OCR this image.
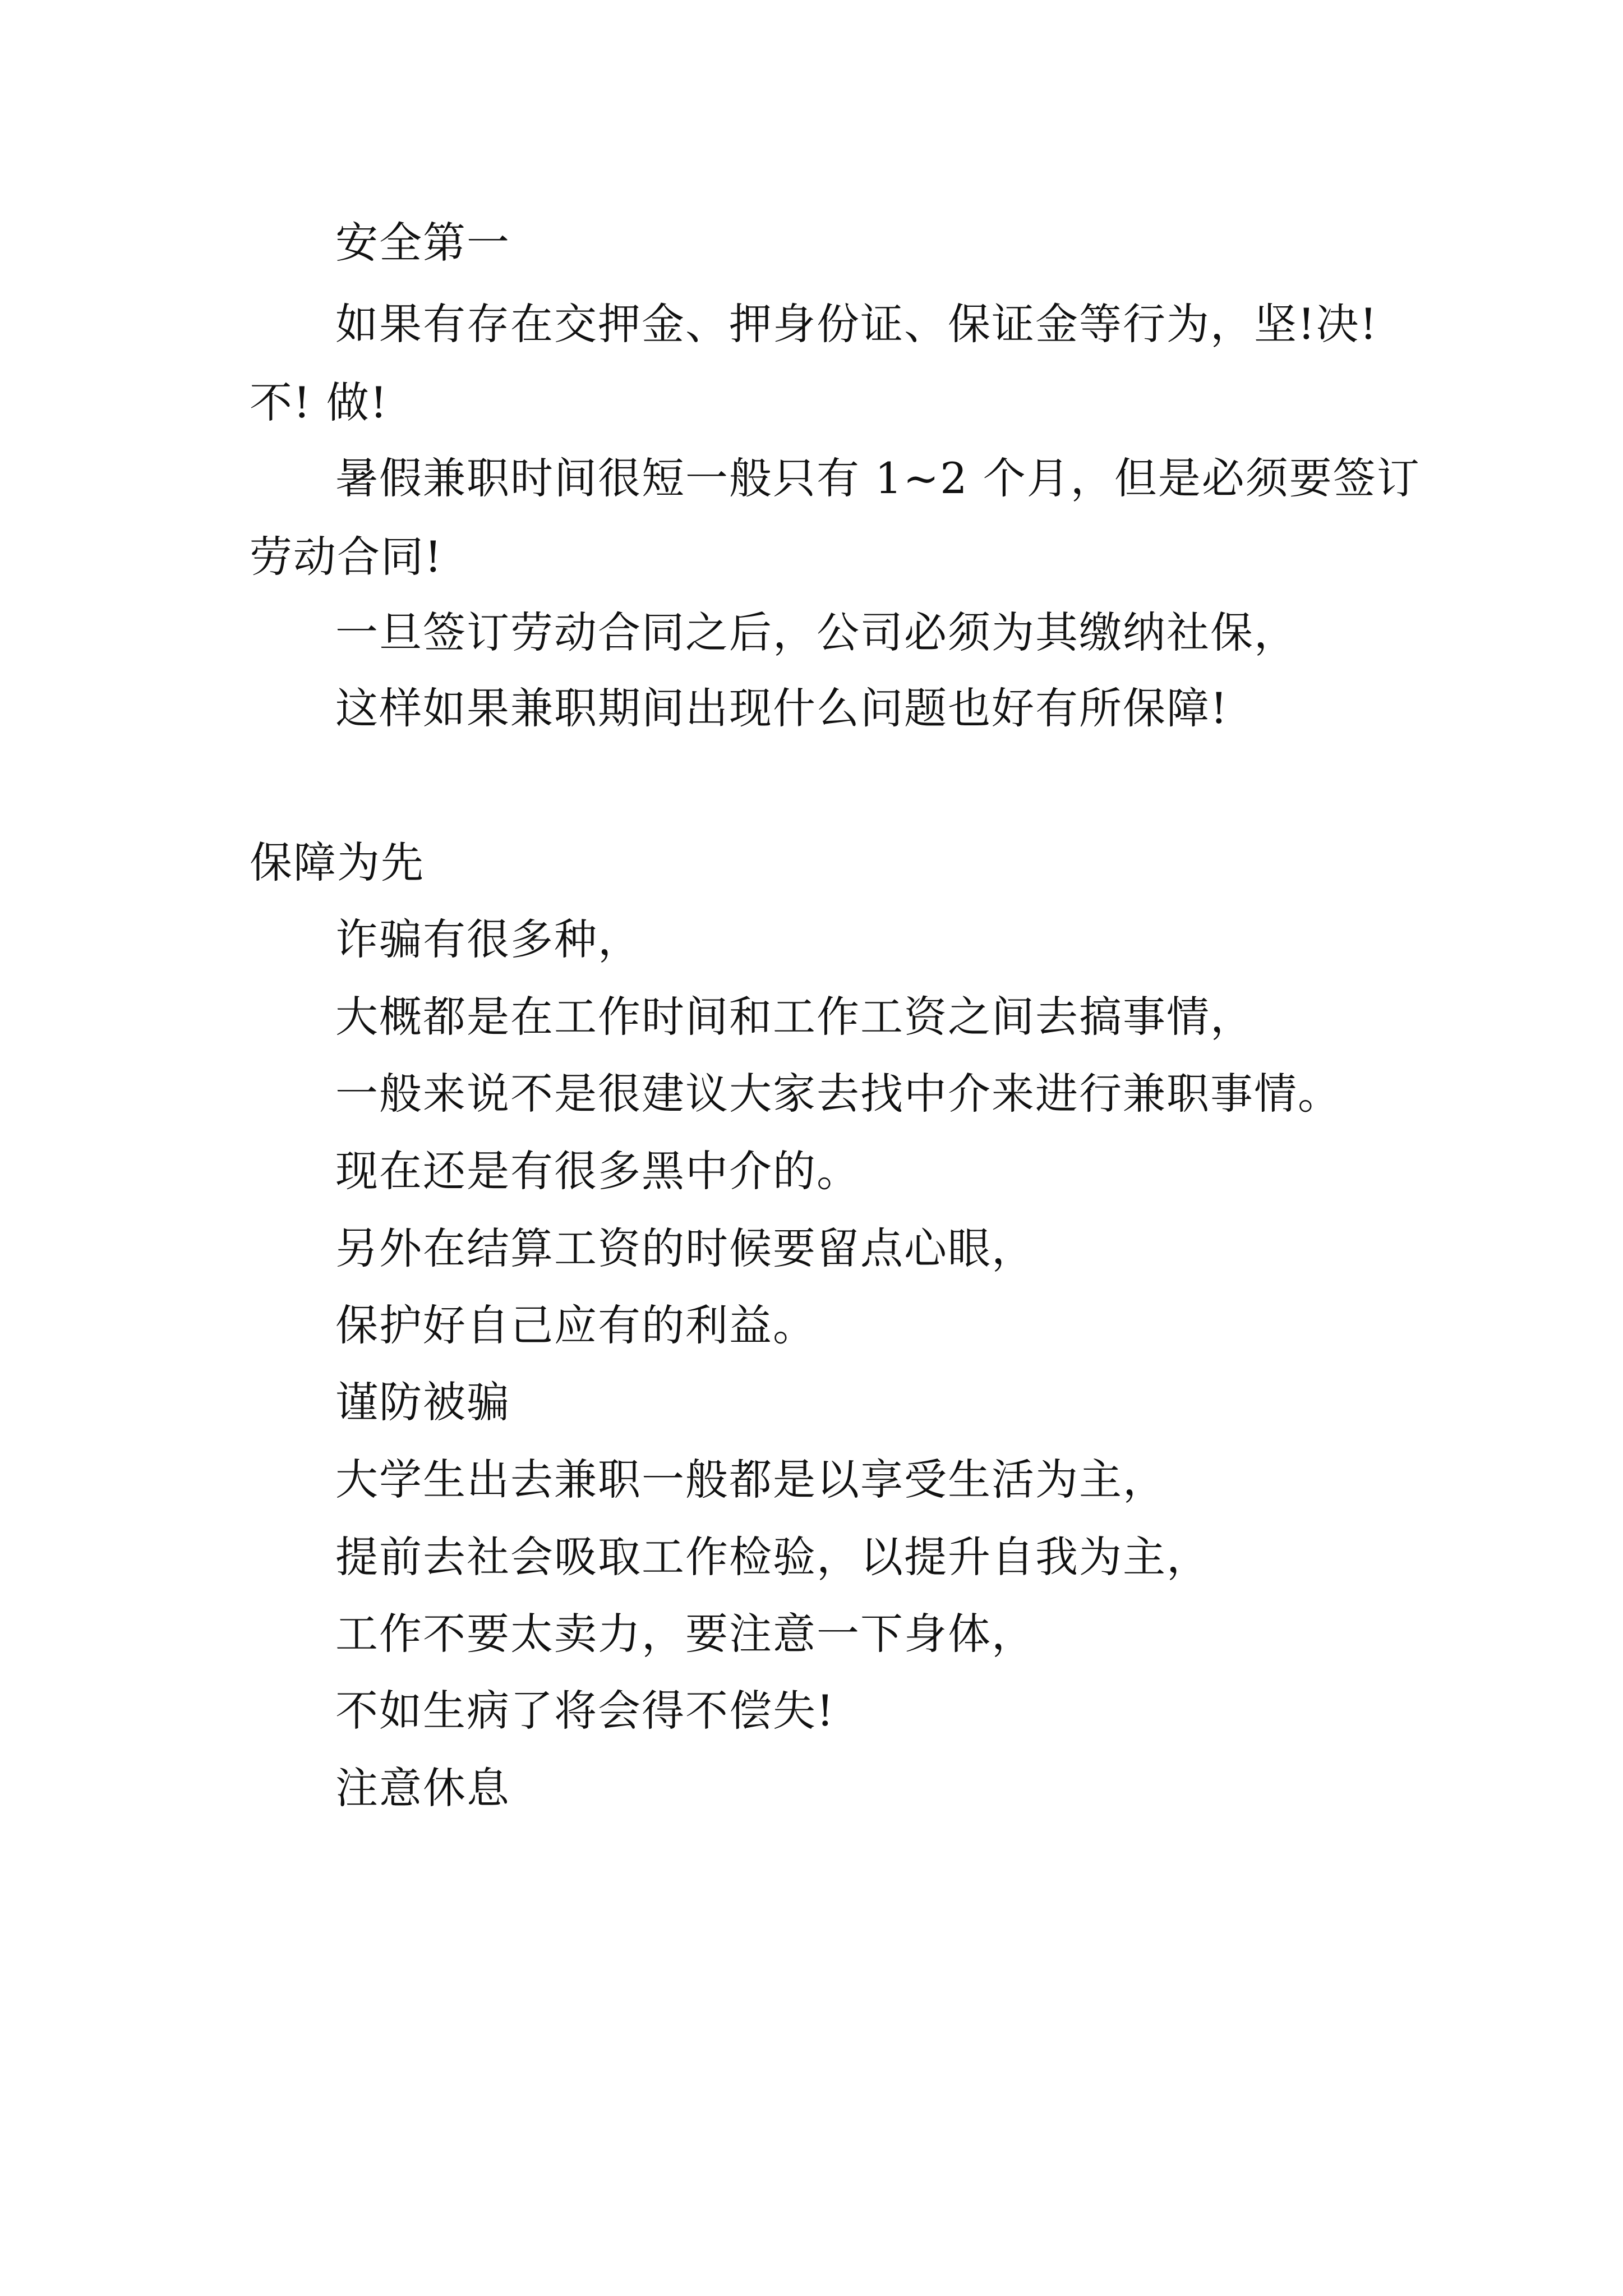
安全第一
如果有存在交押金、押身份证、保证金等行为，坚!决!
不! 做!
暑假兼职时间很短一般只有 1~2 个月，但是必须要签订
劳动合同!
一旦签订劳动合同之后，公司必须为其缴纳社保，
这样如果兼职期间出现什么问题也好有所保障!
保障为先
诈骗有很多种，
大概都是在工作时间和工作工资之间去搞事情，
一般来说不是很建议大家去找中介来进行兼职事情。
现在还是有很多黑中介的。
另外在结算工资的时候要留点心眼，
保护好自己应有的利益。
谨防被骗
大学生出去兼职一般都是以享受生活为主，
提前去社会吸取工作检验，以提升自我为主，
工作不要太卖力，要注意一下身体，
不如生病了将会得不偿失!
注意休息
